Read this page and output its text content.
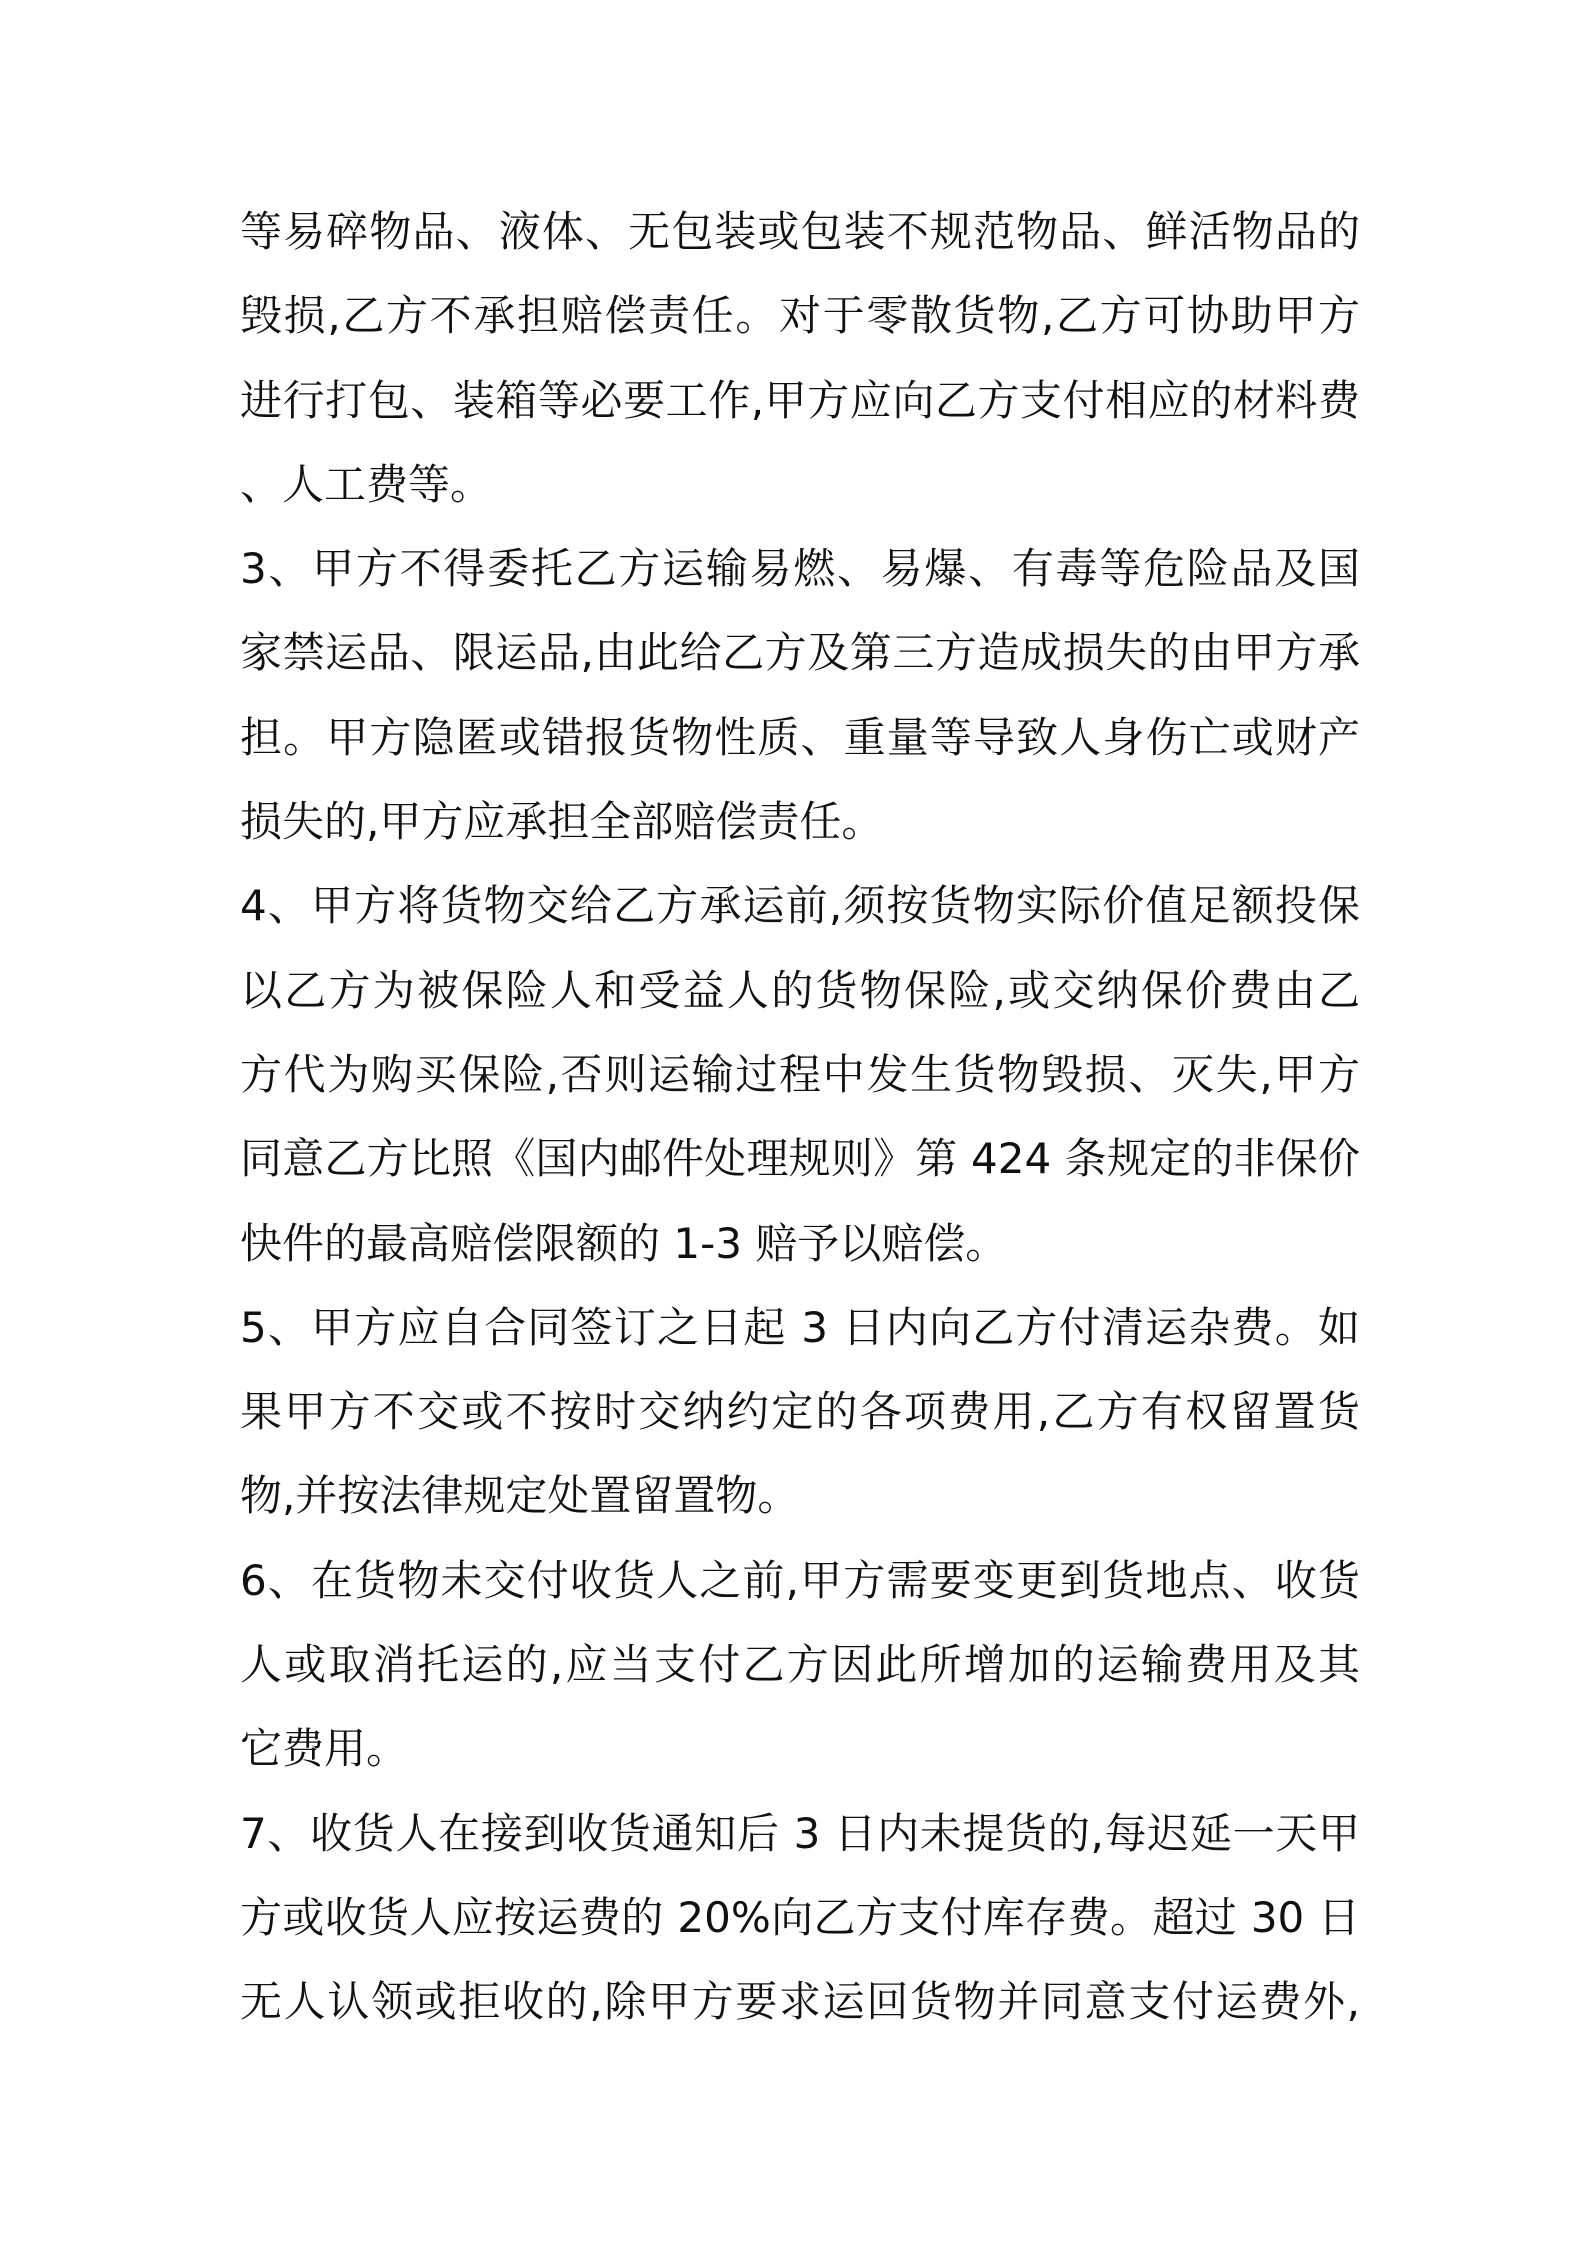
等易碎物品、液体、无包装或包装不规范物品、鲜活物品的
毁损,乙方不承担赔偿责任。对于零散货物,乙方可协助甲方
进行打包、装箱等必要工作,甲方应向乙方支付相应的材料费
、人工费等。
3、甲方不得委托乙方运输易燃、易爆、有毒等危险品及国
家禁运品、限运品,由此给乙方及第三方造成损失的由甲方承
担。甲方隐匿或错报货物性质、重量等导致人身伤亡或财产
损失的,甲方应承担全部赔偿责任。
4、甲方将货物交给乙方承运前,须按货物实际价值足额投保
以乙方为被保险人和受益人的货物保险,或交纳保价费由乙
方代为购买保险,否则运输过程中发生货物毁损、灭失,甲方
同意乙方比照《国内邮件处理规则》第 424 条规定的非保价
快件的最高赔偿限额的 1-3 赔予以赔偿。
5、甲方应自合同签订之日起 3 日内向乙方付清运杂费。如
果甲方不交或不按时交纳约定的各项费用,乙方有权留置货
物,并按法律规定处置留置物。
6、在货物未交付收货人之前,甲方需要变更到货地点、收货
人或取消托运的,应当支付乙方因此所增加的运输费用及其
它费用。
7、收货人在接到收货通知后 3 日内未提货的,每迟延一天甲
方或收货人应按运费的 20%向乙方支付库存费。超过 30 日
无人认领或拒收的,除甲方要求运回货物并同意支付运费外,
